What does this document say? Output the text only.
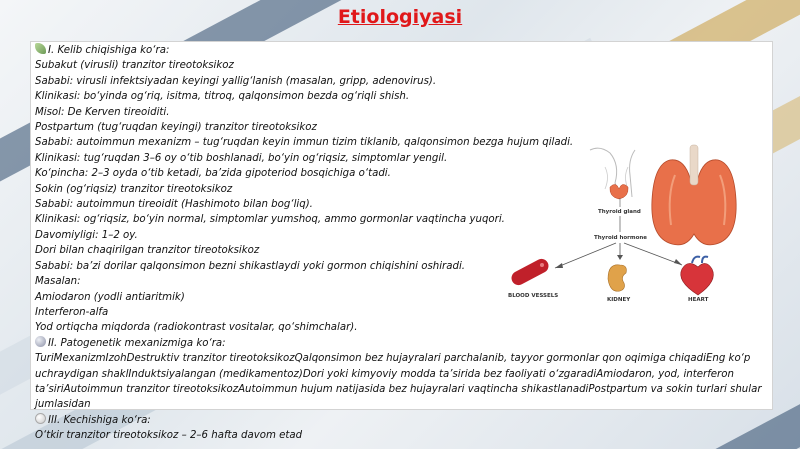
Etiologiyasi
I. Kelib chiqishiga ko‘ra:
Subakut (virusli) tranzitor tireotoksikoz
Sababi: virusli infektsiyadan keyingi yallig‘lanish (masalan, gripp, adenovirus).
Klinikasi: bo‘yinda og‘riq, isitma, titroq, qalqonsimon bezda og‘riqli shish.
Misol: De Kerven tireoiditi.
Postpartum (tug‘ruqdan keyingi) tranzitor tireotoksikoz
Sababi: autoimmun mexanizm – tug‘ruqdan keyin immun tizim tiklanib, qalqonsimon bezga hujum qiladi.
Klinikasi: tug‘ruqdan 3–6 oy o‘tib boshlanadi, bo‘yin og‘riqsiz, simptomlar yengil.
Ko‘pincha: 2–3 oyda o‘tib ketadi, ba’zida gipoteriod bosqichiga o‘tadi.
Sokin (og‘riqsiz) tranzitor tireotoksikoz
Sababi: autoimmun tireoidit (Hashimoto bilan bog‘liq).
Klinikasi: og‘riqsiz, bo‘yin normal, simptomlar yumshoq, ammo gormonlar vaqtincha yuqori.
Davomiyligi: 1–2 oy.
Dori bilan chaqirilgan tranzitor tireotoksikoz
Sababi: ba’zi dorilar qalqonsimon bezni shikastlaydi yoki gormon chiqishini oshiradi.
Masalan:
Amiodaron (yodli antiaritmik)
Interferon-alfa
Yod ortiqcha miqdorda (radiokontrast vositalar, qo‘shimchalar).
II. Patogenetik mexanizmiga ko‘ra:
TuriMexanizmIzohDestruktiv tranzitor tireotoksikozQalqonsimon bez hujayralari parchalanib, tayyor gormonlar qon oqimiga chiqadiEng ko‘p uchraydigan shaklInduktsiyalangan (medikamentoz)Dori yoki kimyoviy modda ta’sirida bez faoliyati o‘zgaradiAmiodaron, yod, interferon ta’siriAutoimmun tranzitor tireotoksikozAutoimmun hujum natijasida bez hujayralari vaqtincha shikastlanadiPostpartum va sokin turlari shular jumlasidan
III. Kechishiga ko‘ra:
O‘tkir tranzitor tireotoksikoz – 2–6 hafta davom etad
Thyroid gland
Thyroid hormone
BLOOD VESSELS
KIDNEY	HEART
